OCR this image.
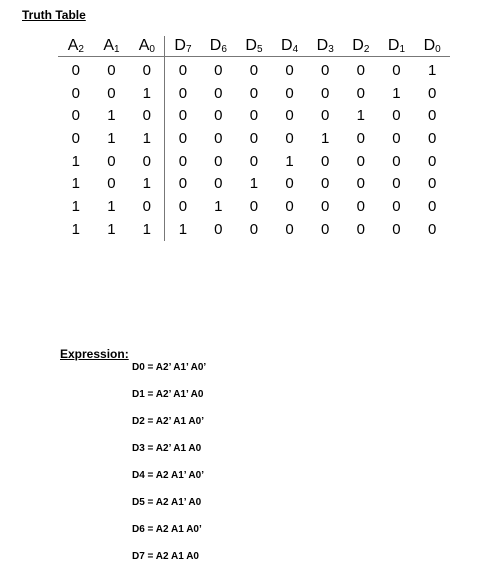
Truth Table
$A_2$	$A_1$	$A_0$	$D_7$	$D_6$	$D_5$	$D_4$	$D_3$	$D_2$	$D_1$	$D_0$
0	0	0	0	0	0	0	0	0	0	1
0	0	1	0	0	0	0	0	0	1	0
0	1	0	0	0	0	0	0	1	0	0
0	1	1	0	0	0	0	1	0	0	0
1	0	0	0	0	0	1	0	0	0	0
1	0	1	0	0	1	0	0	0	0	0
1	1	0	0	1	0	0	0	0	0	0
1	1	1	1	0	0	0	0	0	0	0
Expression:
D0 = A2’ A1’ A0’
D1 = A2’ A1’ A0
D2 = A2’ A1 A0’
D3 = A2’ A1 A0
D4 = A2 A1’ A0’
D5 = A2 A1’ A0
D6 = A2 A1 A0’
D7 = A2 A1 A0
